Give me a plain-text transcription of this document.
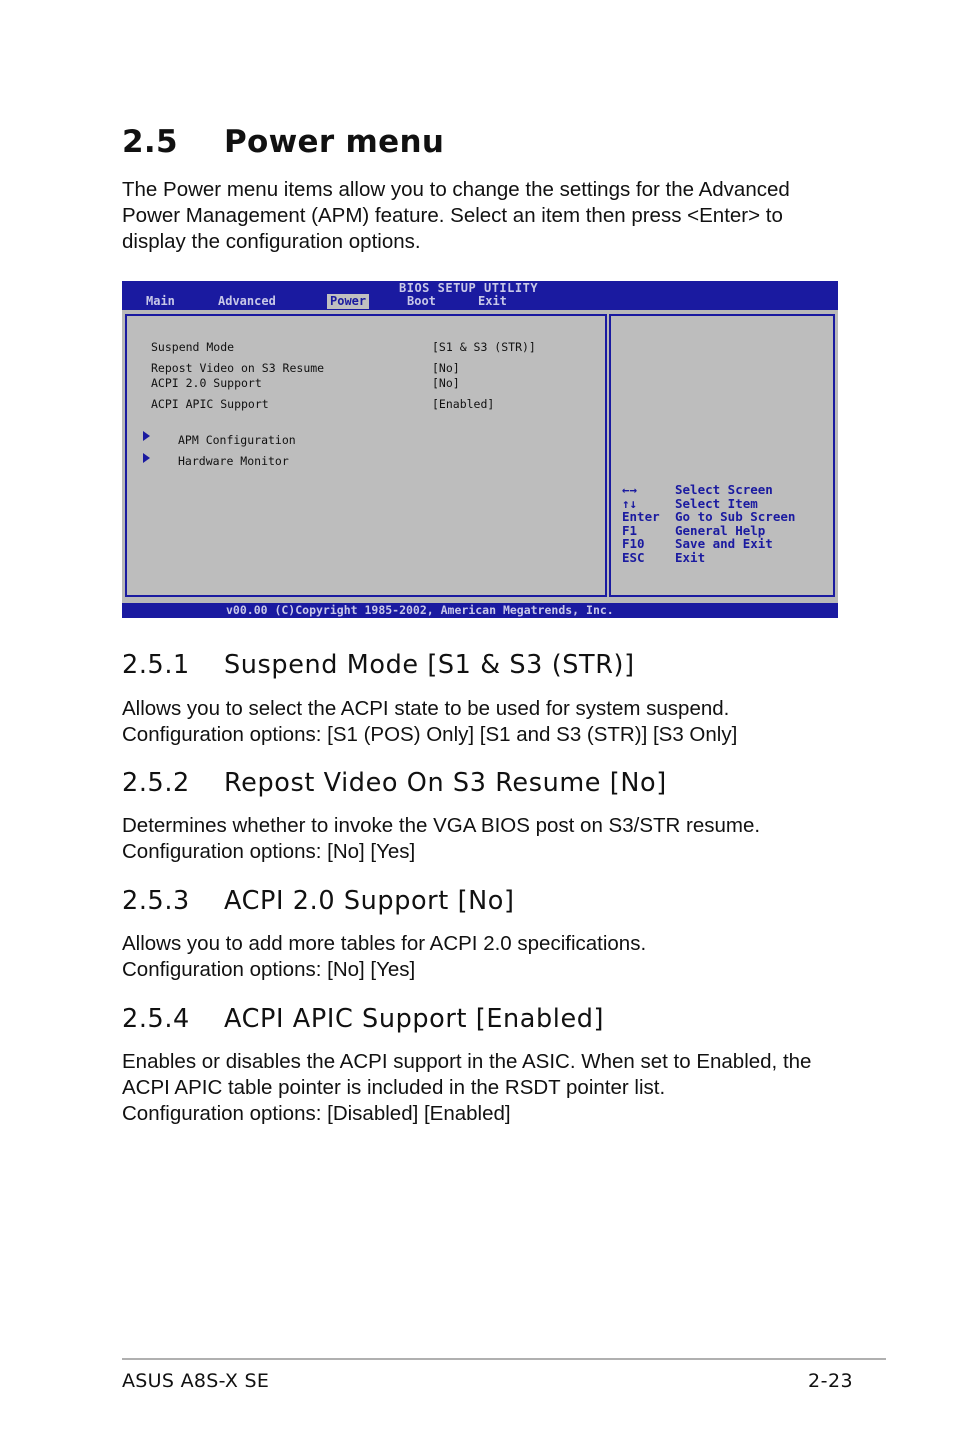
2.5 Power menu

The Power menu items allow you to change the settings for the Advanced
Power Management (APM) feature. Select an item then press <Enter> to
display the configuration options.

BIOS SETUP UTILITY
Main	Advanced	Power	Boot	Exit
Suspend Mode	[S1 & S3 (STR)]
Repost Video on S3 Resume	[No]
ACPI 2.0 Support	[No]
ACPI APIC Support	[Enabled]
APM Configuration
Hardware Monitor
←→	Select Screen
↑↓	Select Item
Enter Go to Sub Screen
F1	General Help
F10 Save and Exit
ESC Exit
v00.00 (C)Copyright 1985-2002, American Megatrends, Inc.
2.5.1 Suspend Mode [S1 & S3 (STR)]

Allows you to select the ACPI state to be used for system suspend.
Configuration options: [S1 (POS) Only] [S1 and S3 (STR)] [S3 Only]

2.5.2 Repost Video On S3 Resume [No]

Determines whether to invoke the VGA BIOS post on S3/STR resume.
Configuration options: [No] [Yes]

2.5.3 ACPI 2.0 Support [No]

Allows you to add more tables for ACPI 2.0 specifications.
Configuration options: [No] [Yes]

2.5.4 ACPI APIC Support [Enabled]

Enables or disables the ACPI support in the ASIC. When set to Enabled, the
ACPI APIC table pointer is included in the RSDT pointer list.
Configuration options: [Disabled] [Enabled]

ASUS A8S-X SE	2-23
